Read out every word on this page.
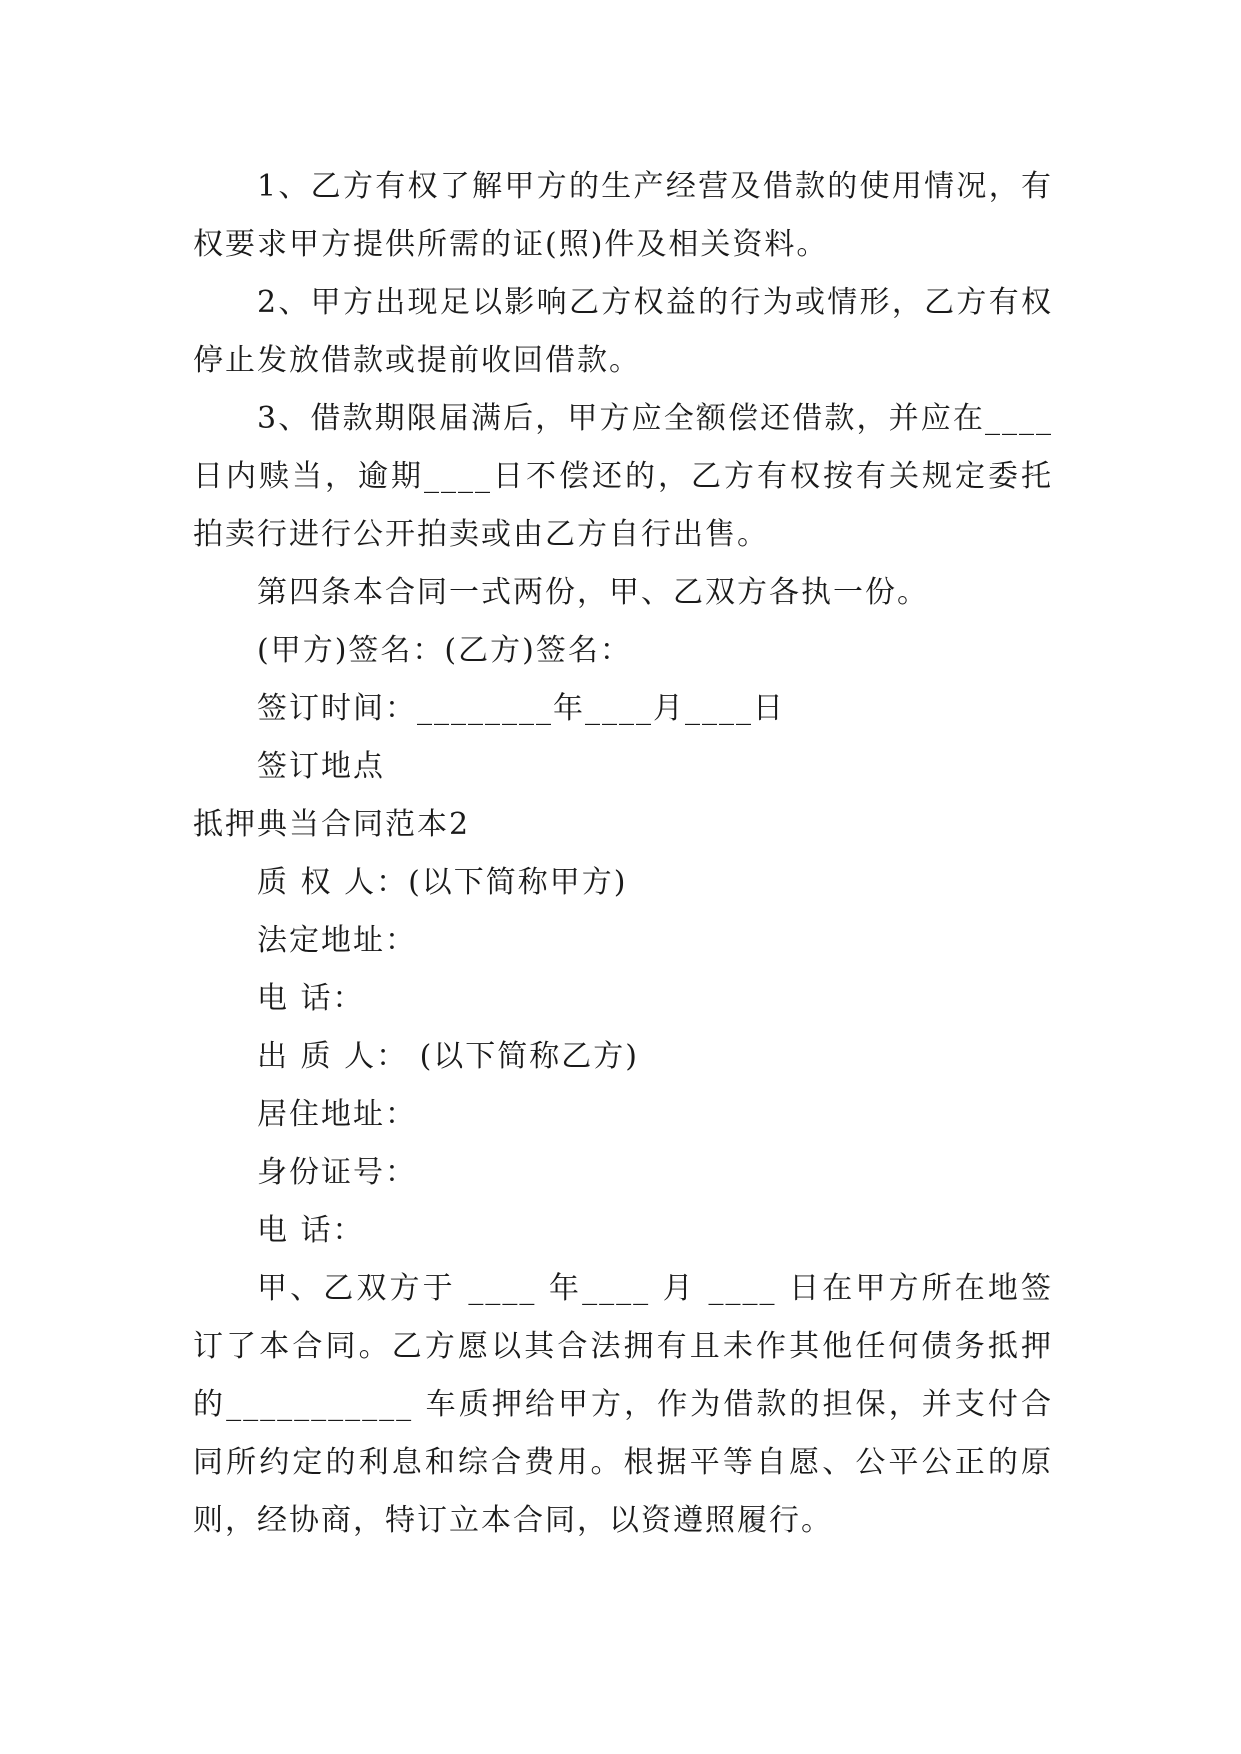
1、乙方有权了解甲方的生产经营及借款的使用情况，有权要求甲方提供所需的证(照)件及相关资料。

2、甲方出现足以影响乙方权益的行为或情形，乙方有权停止发放借款或提前收回借款。

3、借款期限届满后，甲方应全额偿还借款，并应在____日内赎当，逾期____日不偿还的，乙方有权按有关规定委托拍卖行进行公开拍卖或由乙方自行出售。

第四条本合同一式两份，甲、乙双方各执一份。

(甲方)签名：(乙方)签名：

签订时间：________年____月____日

签订地点

抵押典当合同范本2

质 权 人：(以下简称甲方)

法定地址：

电 话：

出 质 人： (以下简称乙方)

居住地址：

身份证号：

电 话：

甲、乙双方于 ____ 年____ 月 ____ 日在甲方所在地签订了本合同。乙方愿以其合法拥有且未作其他任何债务抵押的___________ 车质押给甲方，作为借款的担保，并支付合同所约定的利息和综合费用。根据平等自愿、公平公正的原则，经协商，特订立本合同，以资遵照履行。
